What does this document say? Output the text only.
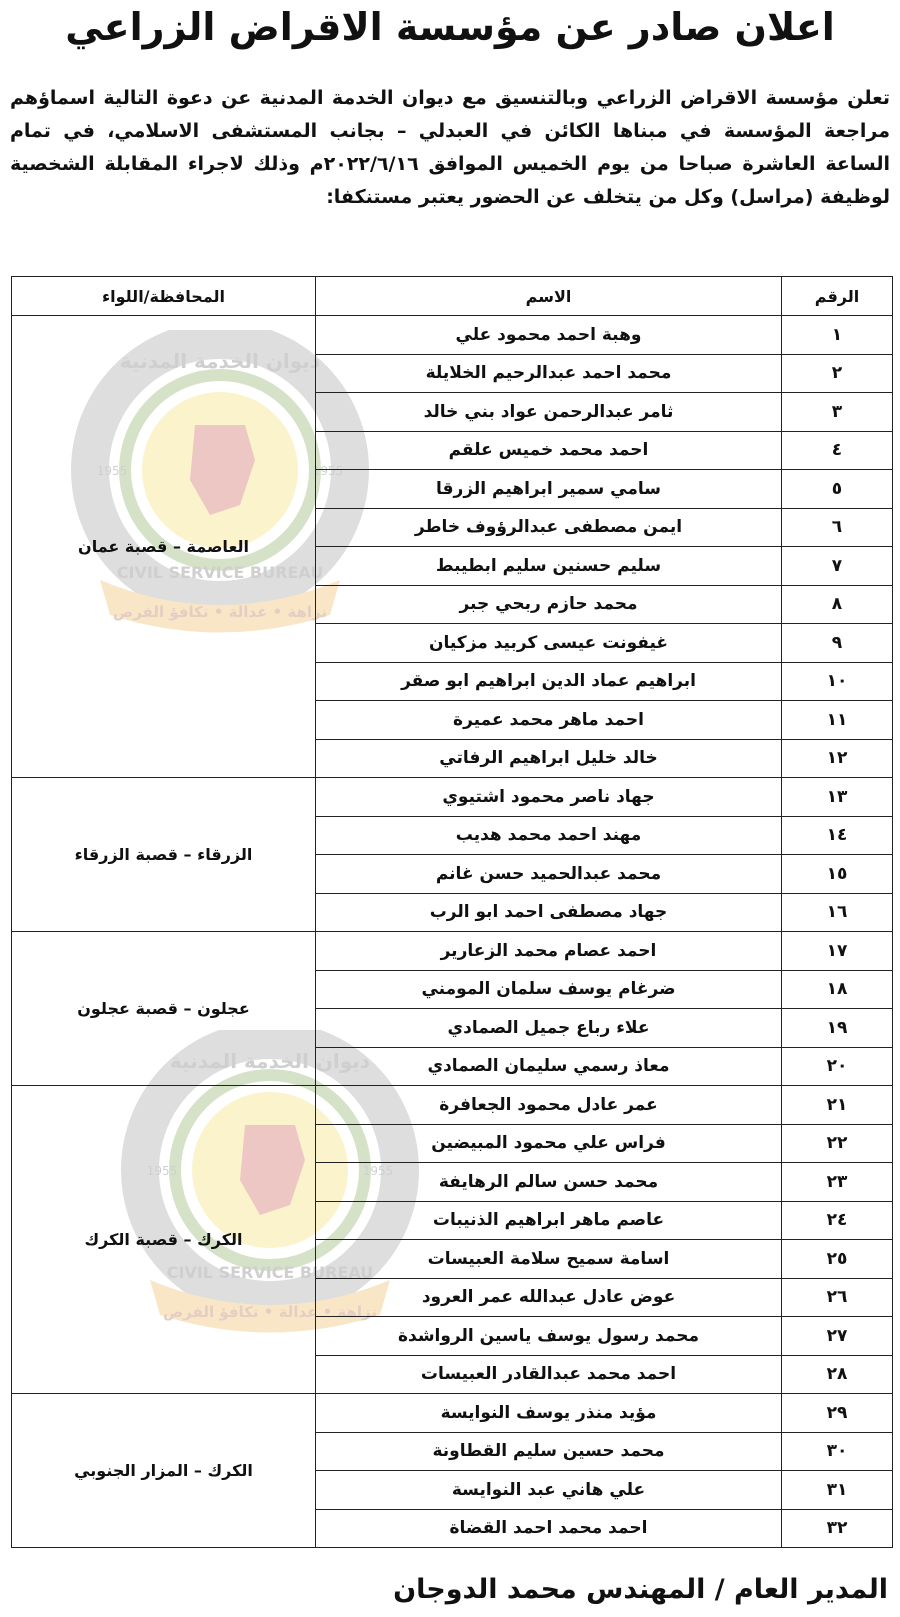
اعلان صادر عن مؤسسة الاقراض الزراعي

تعلن مؤسسة الاقراض الزراعي وبالتنسيق مع ديوان الخدمة المدنية عن دعوة التالية اسماؤهم مراجعة المؤسسة في مبناها الكائن في العبدلي – بجانب المستشفى الاسلامي، في تمام الساعة العاشرة صباحا من يوم الخميس الموافق ٢٠٢٢/٦/١٦م وذلك لاجراء المقابلة الشخصية لوظيفة (مراسل) وكل من يتخلف عن الحضور يعتبر مستنكفا:

نزاهة • عدالة • تكافؤ الفرص
ديوان الخدمة المدنية
CIVIL SERVICE BUREAU
1955	1955
نزاهة • عدالة • تكافؤ الفرص
ديوان الخدمة المدنية
CIVIL SERVICE BUREAU
1955	1955
الرقم	الاسم	المحافظة/اللواء
١	وهبة احمد محمود علي	العاصمة – قصبة عمان
٢	محمد احمد عبدالرحيم الخلايلة	
٣	ثامر عبدالرحمن عواد بني خالد	
٤	احمد محمد خميس علقم	
٥	سامي سمير ابراهيم الزرقا	
٦	ايمن مصطفى عبدالرؤوف خاطر	
٧	سليم حسنين سليم ابطيبط	
٨	محمد حازم ربحي جبر	
٩	غيفونت عيسى كربيد مزكيان	
١٠	ابراهيم عماد الدين ابراهيم ابو صقر	
١١	احمد ماهر محمد عميرة	
١٢	خالد خليل ابراهيم الرفاتي	
١٣	جهاد ناصر محمود اشتيوي	الزرقاء – قصبة الزرقاء
١٤	مهند احمد محمد هديب	
١٥	محمد عبدالحميد حسن غانم	
١٦	جهاد مصطفى احمد ابو الرب	
١٧	احمد عصام محمد الزعارير	عجلون – قصبة عجلون
١٨	ضرغام يوسف سلمان المومني	
١٩	علاء رباع جميل الصمادي	
٢٠	معاذ رسمي سليمان الصمادي	
٢١	عمر عادل محمود الجعافرة	الكرك – قصبة الكرك
٢٢	فراس علي محمود المبيضين	
٢٣	محمد حسن سالم الرهايفة	
٢٤	عاصم ماهر ابراهيم الذنيبات	
٢٥	اسامة سميح سلامة العبيسات	
٢٦	عوض عادل عبدالله عمر العرود	
٢٧	محمد رسول يوسف ياسين الرواشدة	
٢٨	احمد محمد عبدالقادر العبيسات	
٢٩	مؤيد منذر يوسف النوايسة	الكرك – المزار الجنوبي
٣٠	محمد حسين سليم القطاونة	
٣١	علي هاني عبد النوايسة	
٣٢	احمد محمد احمد القضاة	
المدير العام / المهندس محمد الدوجان
